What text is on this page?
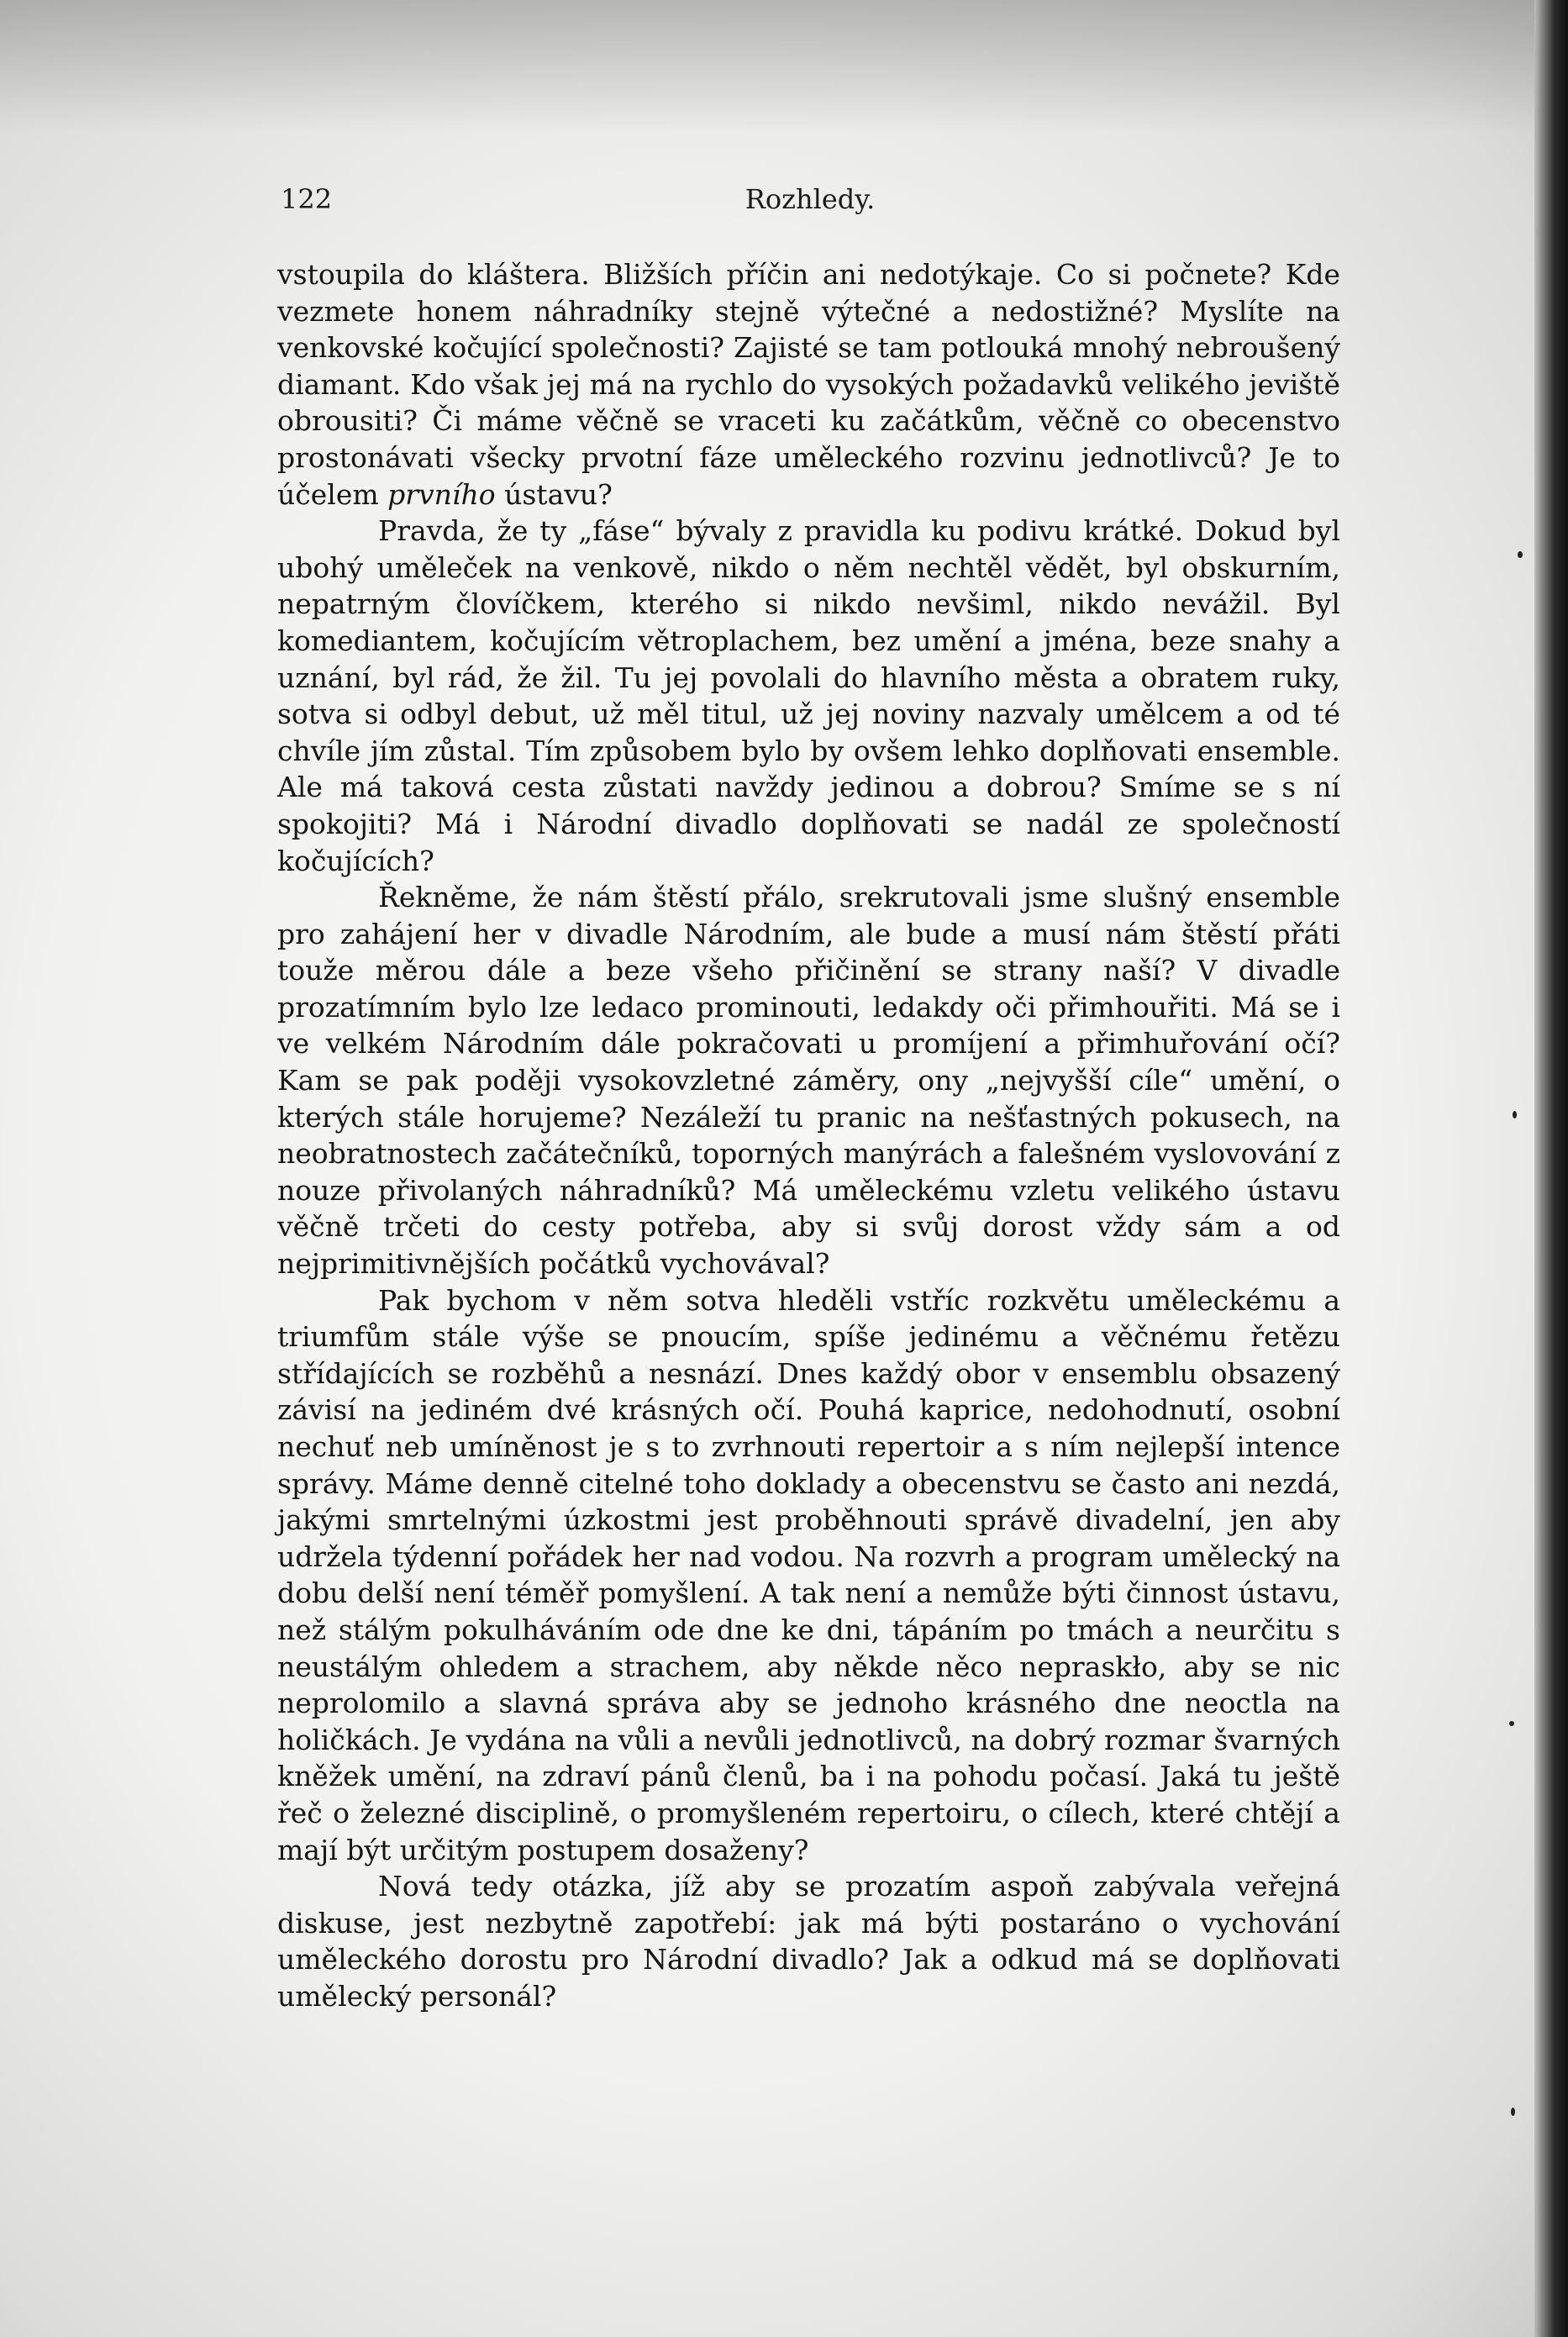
122	Rozhledy.

vstoupila do kláštera. Bližších příčin ani nedotýkaje. Co si počnete? Kde vezmete honem náhradníky stejně výtečné a nedostižné? Myslíte na venkovské kočující společnosti? Zajisté se tam potlouká mnohý nebroušený diamant. Kdo však jej má na rychlo do vysokých požadavků velikého jeviště obrousiti? Či máme věčně se vraceti ku začátkům, věčně co obecenstvo prostonávati všecky prvotní fáze uměleckého rozvinu jednotlivců? Je to účelem prvního ústavu?

Pravda, že ty „fáse“ bývaly z pravidla ku podivu krátké. Dokud byl ubohý umělеček na venkově, nikdo o něm nechtěl vědět, byl obskurním, nepatrným človíčkem, kterého si nikdo nevšiml, nikdo nevážil. Byl komediantem, kočujícím větroplachem, bez umění a jména, beze snahy a uznání, byl rád, že žil. Tu jej povolali do hlavního města a obratem ruky, sotva si odbyl debut, už měl titul, už jej noviny nazvaly umělcem a od té chvíle jím zůstal. Tím způsobem bylo by ovšem lehko doplňovati ensemble. Ale má taková cesta zůstati navždy jedinou a dobrou? Smíme se s ní spokojiti? Má i Národní divadlo doplňovati se nadál ze společností kočujících?

Řekněme, že nám štěstí přálo, srekrutovali jsme slušný ensemble pro zahájení her v divadle Národním, ale bude a musí nám štěstí přáti touže měrou dále a beze všeho přičinění se strany naší? V divadle prozatímním bylo lze ledaco prominouti, ledakdy oči přimhouřiti. Má se i ve velkém Národním dále pokračovati u promíjení a přimhuřování očí? Kam se pak poději vysokovzletné záměry, ony „nejvyšší cíle“ umění, o kterých stále horujeme? Nezáleží tu pranic na nešťastných pokusech, na neobratnostech začátečníků, toporných manýrách a falešném vyslovování z nouze přivolaných náhradníků? Má uměleckému vzletu velikého ústavu věčně trčeti do cesty potřeba, aby si svůj dorost vždy sám a od nejprimitivnějších počátků vychovával?

Pak bychom v něm sotva hleděli vstříc rozkvětu uměleckému a triumfům stále výše se pnoucím, spíše jedinému a věčnému řetězu střídajících se rozběhů a nesnází. Dnes každý obor v ensemblu obsazený závisí na jediném dvé krásných očí. Pouhá kaprice, nedohodnutí, osobní nechuť neb umíněnost je s to zvrhnouti repertoir a s ním nejlepší intence správy. Máme denně citelné toho doklady a obecenstvu se často ani nezdá, jakými smrtelnými úzkostmi jest proběhnouti správě divadelní, jen aby udržela týdenní pořádek her nad vodou. Na rozvrh a program umělecký na dobu delší není téměř pomyšlení. A tak není a nemůže býti činnost ústavu, než stálým pokulháváním ode dne ke dni, tápáním po tmách a neurčitu s neustálým ohledem a strachem, aby někde něco nepraskło, aby se nic neprolomilo a slavná správa aby se jednoho krásného dne neoctla na holičkách. Je vydána na vůli a nevůli jednotlivců, na dobrý rozmar švarných kněžek umění, na zdraví pánů členů, ba i na pohodu počasí. Jaká tu ještě řeč o železné disciplině, o promyšleném repertoiru, o cílech, které chtějí a mají být určitým postupem dosaženy?

Nová tedy otázka, jíž aby se prozatím aspoň zabývala veřejná diskuse, jest nezbytně zapotřebí: jak má býti postaráno o vychování uměleckého dorostu pro Národní divadlo? Jak a odkud má se doplňovati umělecký personál?
